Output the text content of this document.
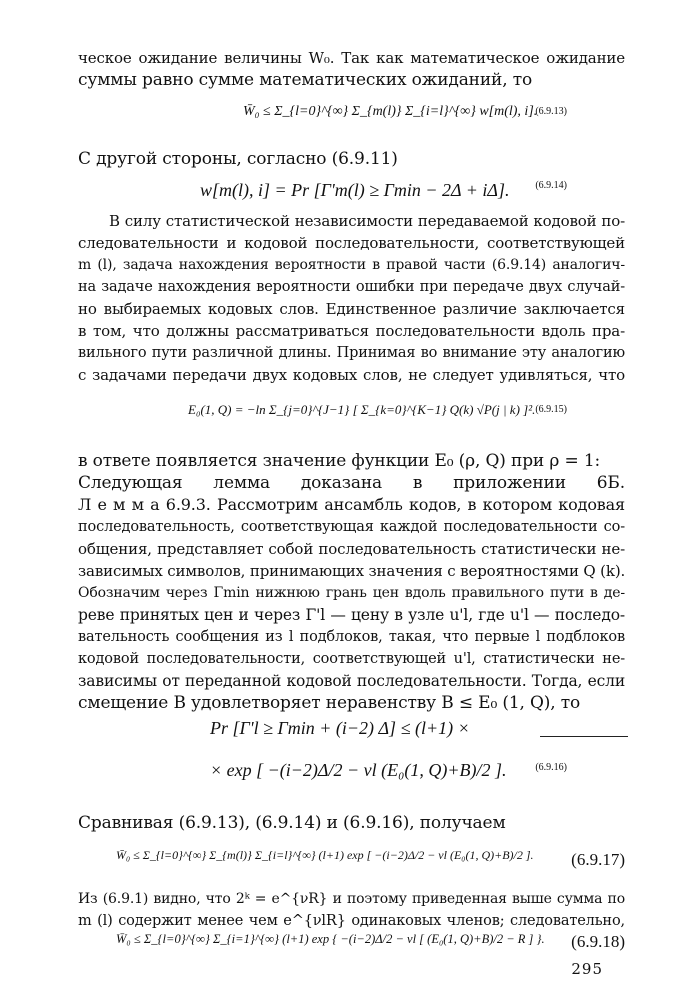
ческое ожидание величины W₀. Так как математическое ожидание
суммы равно сумме математических ожиданий, то
W̄₀ ≤ Σ_{l=0}^{∞} Σ_{m(l)} Σ_{i=l}^{∞} w[m(l), i].
(6.9.13)
С другой стороны, согласно (6.9.11)
w[m(l), i] = Pr [Γ'm(l) ≥ Γmin − 2Δ + iΔ].	(6.9.14)
В силу статистической независимости передаваемой кодовой по-
следовательности и кодовой последовательности, соответствующей
m (l), задача нахождения вероятности в правой части (6.9.14) аналогич-
на задаче нахождения вероятности ошибки при передаче двух случай-
но выбираемых кодовых слов. Единственное различие заключается
в том, что должны рассматриваться последовательности вдоль пра-
вильного пути различной длины. Принимая во внимание эту аналогию
с задачами передачи двух кодовых слов, не следует удивляться, что
E₀(1, Q) = −ln Σ_{j=0}^{J−1} [ Σ_{k=0}^{K−1} Q(k) √P(j | k) ]². (6.9.15)
в ответе появляется значение функции E₀ (ρ, Q) при ρ = 1:
Следующая лемма доказана в приложении 6Б.
Л е м м а 6.9.3. Рассмотрим ансамбль кодов, в котором кодовая
последовательность, соответствующая каждой последовательности со-
общения, представляет собой последовательность статистически не-
зависимых символов, принимающих значения с вероятностями Q (k).
Обозначим через Γmin нижнюю грань цен вдоль правильного пути в де-
реве принятых цен и через Γ'l — цену в узле u'l, где u'l — последо-
вательность сообщения из l подблоков, такая, что первые l подблоков
кодовой последовательности, соответствующей u'l, статистически не-
зависимы от переданной кодовой последовательности. Тогда, если
смещение B удовлетворяет неравенству B ≤ E₀ (1, Q), то
Pr [Γ'l ≥ Γmin + (i−2) Δ] ≤ (l+1) ×
× exp [ −(i−2)Δ/2 − νl (E₀(1, Q)+B)/2 ].	(6.9.16)
Сравнивая (6.9.13), (6.9.14) и (6.9.16), получаем
W̄₀ ≤ Σ_{l=0}^{∞} Σ_{m(l)} Σ_{i=l}^{∞} (l+1) exp [ −(i−2)Δ/2 − νl (E₀(1, Q)+B)/2 ]. (6.9.17)
Из (6.9.1) видно, что 2ᵏ = e^{νR} и поэтому приведенная выше сумма по
m (l) содержит менее чем e^{νlR} одинаковых членов; следовательно,
W̄₀ ≤ Σ_{l=0}^{∞} Σ_{i=1}^{∞} (l+1) exp { −(i−2)Δ/2 − νl [ (E₀(1, Q)+B)/2 − R ] }. (6.9.18)
295
